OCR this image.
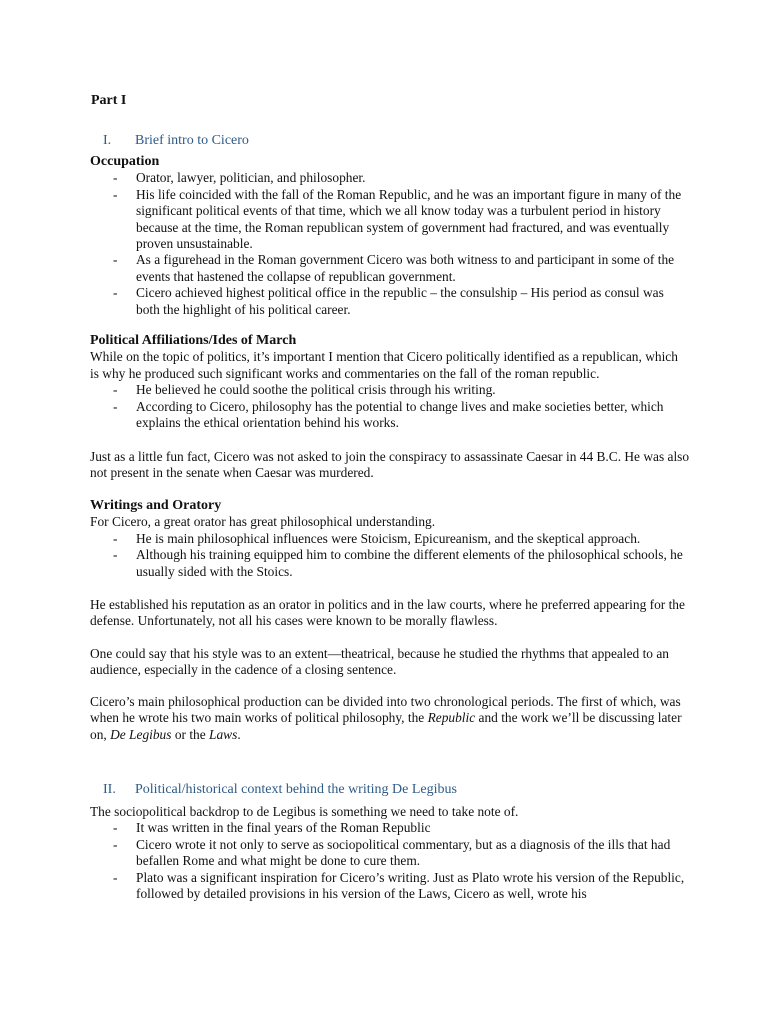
Part I
I. Brief intro to Cicero
Occupation
- Orator, lawyer, politician, and philosopher.
- His life coincided with the fall of the Roman Republic, and he was an important figure in many of the significant political events of that time, which we all know today was a turbulent period in history because at the time, the Roman republican system of government had fractured, and was eventually proven unsustainable.
- As a figurehead in the Roman government Cicero was both witness to and participant in some of the events that hastened the collapse of republican government.
- Cicero achieved highest political office in the republic – the consulship – His period as consul was both the highlight of his political career.
Political Affiliations/Ides of March

While on the topic of politics, it’s important I mention that Cicero politically identified as a republican, which is why he produced such significant works and commentaries on the fall of the roman republic.

- He believed he could soothe the political crisis through his writing.
- According to Cicero, philosophy has the potential to change lives and make societies better, which explains the ethical orientation behind his works.

Just as a little fun fact, Cicero was not asked to join the conspiracy to assassinate Caesar in 44 B.C. He was also not present in the senate when Caesar was murdered.

Writings and Oratory

For Cicero, a great orator has great philosophical understanding.

- He is main philosophical influences were Stoicism, Epicureanism, and the skeptical approach.
- Although his training equipped him to combine the different elements of the philosophical schools, he usually sided with the Stoics.

He established his reputation as an orator in politics and in the law courts, where he preferred appearing for the defense. Unfortunately, not all his cases were known to be morally flawless.

One could say that his style was to an extent—theatrical, because he studied the rhythms that appealed to an audience, especially in the cadence of a closing sentence.

Cicero’s main philosophical production can be divided into two chronological periods. The first of which, was when he wrote his two main works of political philosophy, the Republic and the work we’ll be discussing later on, De Legibus or the Laws.

II. Political/historical context behind the writing De Legibus

The sociopolitical backdrop to de Legibus is something we need to take note of.

- It was written in the final years of the Roman Republic
- Cicero wrote it not only to serve as sociopolitical commentary, but as a diagnosis of the ills that had befallen Rome and what might be done to cure them.
- Plato was a significant inspiration for Cicero’s writing. Just as Plato wrote his version of the Republic, followed by detailed provisions in his version of the Laws, Cicero as well, wrote his
